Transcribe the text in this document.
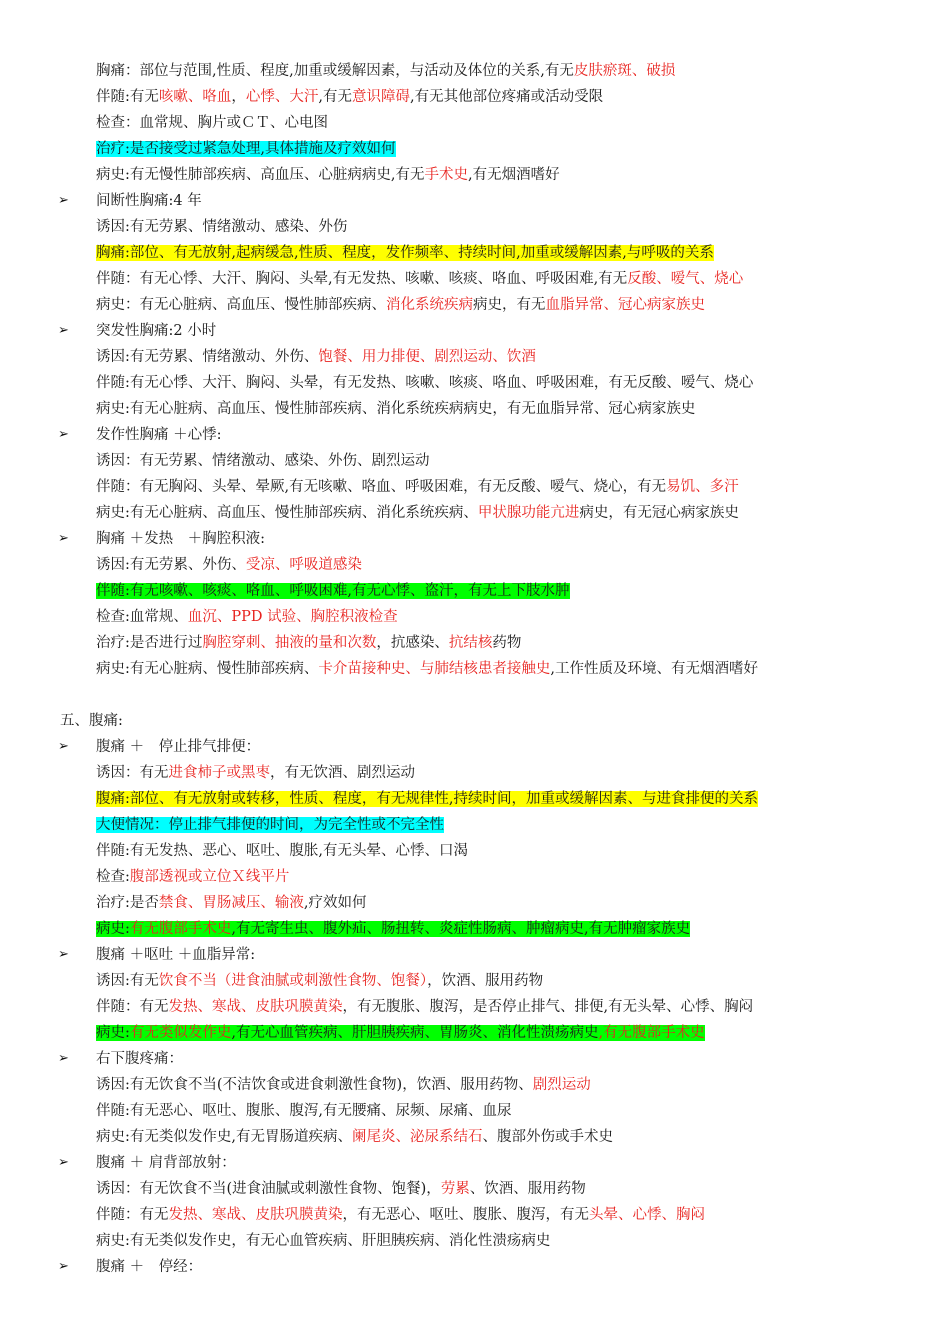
胸痛：部位与范围,性质、程度,加重或缓解因素，与活动及体位的关系,有无皮肤瘀斑、破损
伴随:有无咳嗽、咯血，心悸、大汗,有无意识障碍,有无其他部位疼痛或活动受限
检查：血常规、胸片或ＣＴ、心电图
治疗:是否接受过紧急处理,具体措施及疗效如何
病史:有无慢性肺部疾病、高血压、心脏病病史,有无手术史,有无烟酒嗜好
➢ 间断性胸痛:4 年
诱因:有无劳累、情绪激动、感染、外伤
胸痛:部位、有无放射,起病缓急,性质、程度，发作频率、持续时间,加重或缓解因素,与呼吸的关系
伴随：有无心悸、大汗、胸闷、头晕,有无发热、咳嗽、咳痰、咯血、呼吸困难,有无反酸、嗳气、烧心
病史：有无心脏病、高血压、慢性肺部疾病、消化系统疾病病史，有无血脂异常、冠心病家族史
➢ 突发性胸痛:2 小时
诱因:有无劳累、情绪激动、外伤、饱餐、用力排便、剧烈运动、饮酒
伴随:有无心悸、大汗、胸闷、头晕，有无发热、咳嗽、咳痰、咯血、呼吸困难，有无反酸、嗳气、烧心
病史:有无心脏病、高血压、慢性肺部疾病、消化系统疾病病史，有无血脂异常、冠心病家族史
➢ 发作性胸痛 ＋心悸:
诱因：有无劳累、情绪激动、感染、外伤、剧烈运动
伴随：有无胸闷、头晕、晕厥,有无咳嗽、咯血、呼吸困难，有无反酸、嗳气、烧心，有无易饥、多汗
病史:有无心脏病、高血压、慢性肺部疾病、消化系统疾病、甲状腺功能亢进病史，有无冠心病家族史
➢ 胸痛 ＋发热　＋胸腔积液:
诱因:有无劳累、外伤、受凉、呼吸道感染
伴随:有无咳嗽、咳痰、咯血、呼吸困难,有无心悸、盗汗，有无上下肢水肿
检查:血常规、血沉、PPD 试验、胸腔积液检查
治疗:是否进行过胸腔穿刺、抽液的量和次数，抗感染、抗结核药物
病史:有无心脏病、慢性肺部疾病、卡介苗接种史、与肺结核患者接触史,工作性质及环境、有无烟酒嗜好
五、腹痛:
➢ 腹痛 ＋　停止排气排便：
诱因：有无进食柿子或黑枣，有无饮酒、剧烈运动
腹痛:部位、有无放射或转移，性质、程度，有无规律性,持续时间，加重或缓解因素、与进食排便的关系
大便情况：停止排气排便的时间，为完全性或不完全性
伴随:有无发热、恶心、呕吐、腹胀,有无头晕、心悸、口渴
检查:腹部透视或立位Ｘ线平片
治疗:是否禁食、胃肠减压、输液,疗效如何
病史:有无腹部手术史,有无寄生虫、腹外疝、肠扭转、炎症性肠病、肿瘤病史,有无肿瘤家族史
➢ 腹痛 ＋呕吐 ＋血脂异常:
诱因:有无饮食不当（进食油腻或刺激性食物、饱餐），饮酒、服用药物
伴随：有无发热、寒战、皮肤巩膜黄染，有无腹胀、腹泻，是否停止排气、排便,有无头晕、心悸、胸闷
病史:有无类似发作史,有无心血管疾病、肝胆胰疾病、胃肠炎、消化性溃疡病史,有无腹部手术史
➢ 右下腹疼痛：
诱因:有无饮食不当(不洁饮食或进食刺激性食物)，饮酒、服用药物、剧烈运动
伴随:有无恶心、呕吐、腹胀、腹泻,有无腰痛、尿频、尿痛、血尿
病史:有无类似发作史,有无胃肠道疾病、阑尾炎、泌尿系结石、腹部外伤或手术史
➢ 腹痛 ＋ 肩背部放射：
诱因：有无饮食不当(进食油腻或刺激性食物、饱餐)，劳累、饮酒、服用药物
伴随：有无发热、寒战、皮肤巩膜黄染，有无恶心、呕吐、腹胀、腹泻，有无头晕、心悸、胸闷
病史:有无类似发作史，有无心血管疾病、肝胆胰疾病、消化性溃疡病史
➢ 腹痛 ＋　停经：
